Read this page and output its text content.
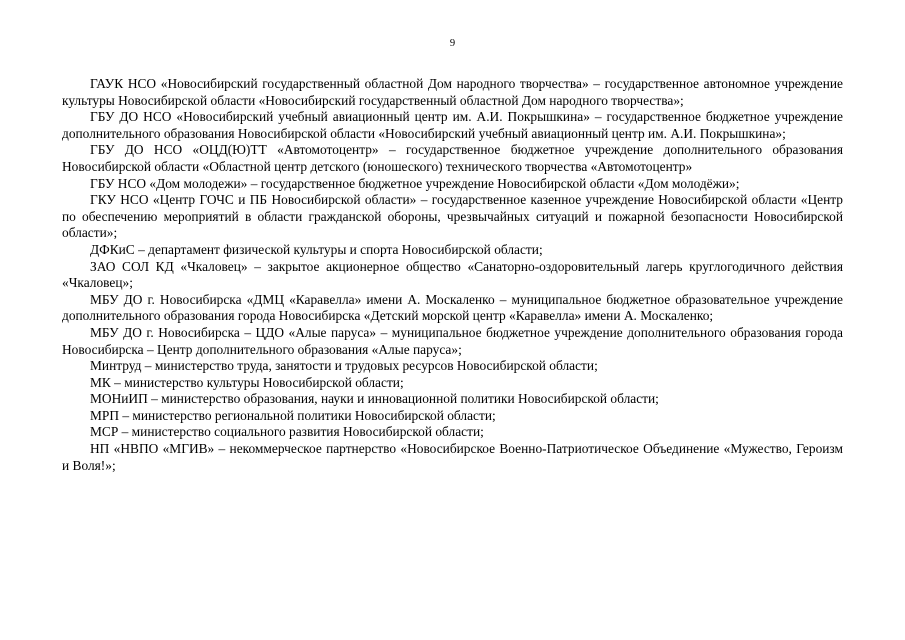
9

ГАУК НСО «Новосибирский государственный областной Дом народного творчества» – государственное автономное учреждение культуры Новосибирской области «Новосибирский государственный областной Дом народного творчества»;

ГБУ ДО НСО «Новосибирский учебный авиационный центр им. А.И. Покрышкина» – государственное бюджетное учреждение дополнительного образования Новосибирской области «Новосибирский учебный авиационный центр им. А.И. Покрышкина»;

ГБУ ДО НСО «ОЦД(Ю)ТТ «Автомотоцентр» – государственное бюджетное учреждение дополнительного образования Новосибирской области «Областной центр детского (юношеского) технического творчества «Автомотоцентр»

ГБУ НСО «Дом молодежи» – государственное бюджетное учреждение Новосибирской области «Дом молодёжи»;

ГКУ НСО «Центр ГОЧС и ПБ Новосибирской области» – государственное казенное учреждение Новосибирской области «Центр по обеспечению мероприятий в области гражданской обороны, чрезвычайных ситуаций и пожарной безопасности Новосибирской области»;

ДФКиС – департамент физической культуры и спорта Новосибирской области;

ЗАО СОЛ КД «Чкаловец» – закрытое акционерное общество «Санаторно-оздоровительный лагерь круглогодичного действия «Чкаловец»;

МБУ ДО г. Новосибирска «ДМЦ «Каравелла» имени А. Москаленко – муниципальное бюджетное образовательное учреждение дополнительного образования города Новосибирска «Детский морской центр «Каравелла» имени А. Москаленко;

МБУ ДО г. Новосибирска – ЦДО «Алые паруса» – муниципальное бюджетное учреждение дополнительного образования города Новосибирска – Центр дополнительного образования «Алые паруса»;

Минтруд – министерство труда, занятости и трудовых ресурсов Новосибирской области;

МК – министерство культуры Новосибирской области;

МОНиИП – министерство образования, науки и инновационной политики Новосибирской области;

МРП – министерство региональной политики Новосибирской области;

МСР – министерство социального развития Новосибирской области;

НП «НВПО «МГИВ» – некоммерческое партнерство «Новосибирское Военно-Патриотическое Объединение «Мужество, Героизм и Воля!»;
